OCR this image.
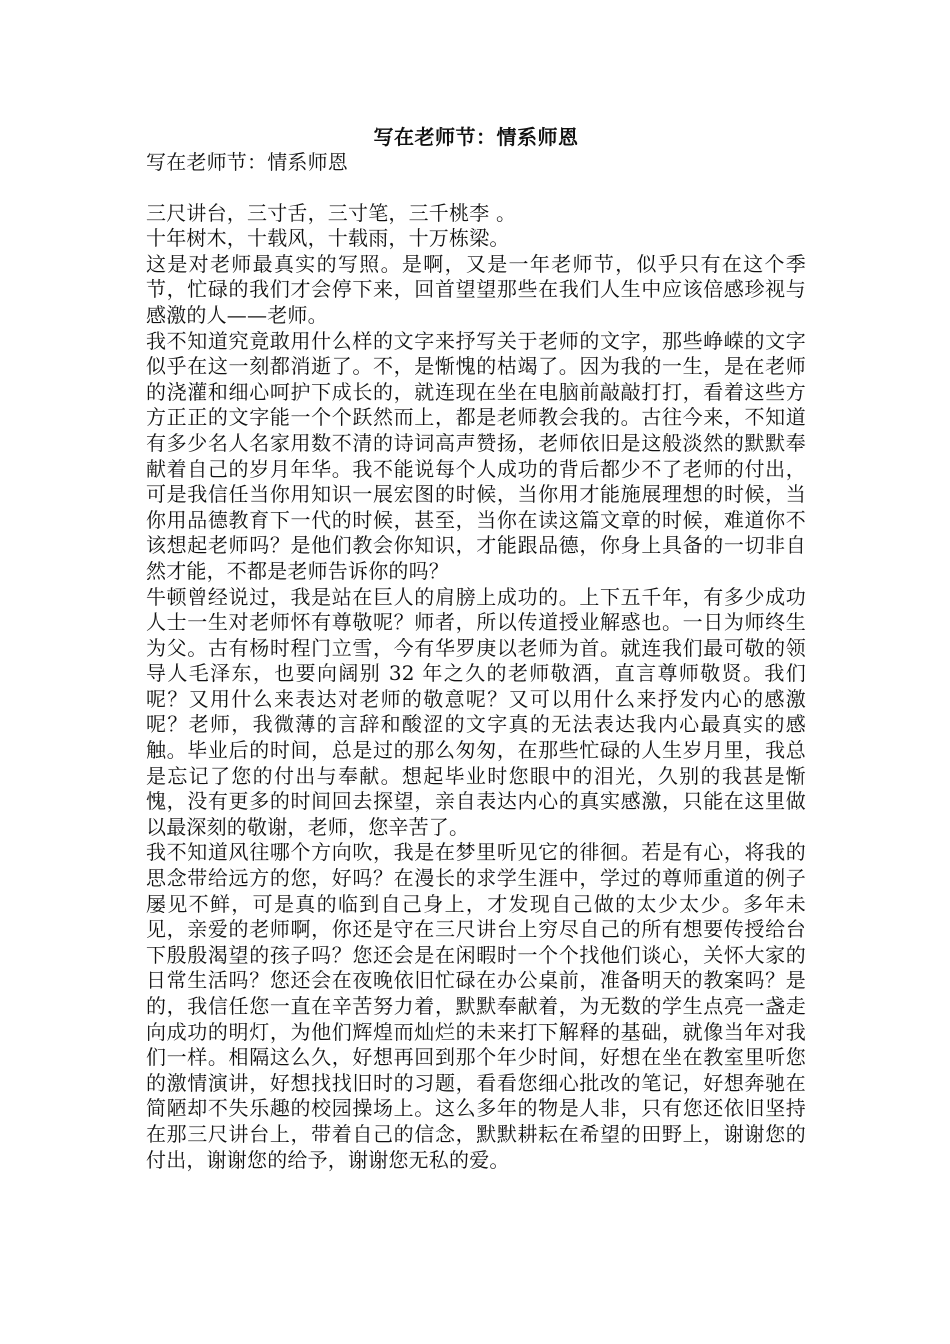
写在老师节：情系师恩

写在老师节：情系师恩

三尺讲台，三寸舌，三寸笔，三千桃李 。

十年树木，十载风，十载雨，十万栋梁。

这是对老师最真实的写照。是啊，又是一年老师节，似乎只有在这个季节，忙碌的我们才会停下来，回首望望那些在我们人生中应该倍感珍视与感激的人——老师。

我不知道究竟敢用什么样的文字来抒写关于老师的文字，那些峥嵘的文字似乎在这一刻都消逝了。不，是惭愧的枯竭了。因为我的一生，是在老师的浇灌和细心呵护下成长的，就连现在坐在电脑前敲敲打打，看着这些方方正正的文字能一个个跃然而上，都是老师教会我的。古往今来，不知道有多少名人名家用数不清的诗词高声赞扬，老师依旧是这般淡然的默默奉献着自己的岁月年华。我不能说每个人成功的背后都少不了老师的付出，可是我信任当你用知识一展宏图的时候，当你用才能施展理想的时候，当你用品德教育下一代的时候，甚至，当你在读这篇文章的时候，难道你不该想起老师吗？是他们教会你知识，才能跟品德，你身上具备的一切非自然才能，不都是老师告诉你的吗？

牛顿曾经说过，我是站在巨人的肩膀上成功的。上下五千年，有多少成功人士一生对老师怀有尊敬呢？师者，所以传道授业解惑也。一日为师终生为父。古有杨时程门立雪，今有华罗庚以老师为首。就连我们最可敬的领导人毛泽东，也要向阔别 32 年之久的老师敬酒，直言尊师敬贤。我们呢？又用什么来表达对老师的敬意呢？又可以用什么来抒发内心的感激呢？老师，我微薄的言辞和酸涩的文字真的无法表达我内心最真实的感触。毕业后的时间，总是过的那么匆匆，在那些忙碌的人生岁月里，我总是忘记了您的付出与奉献。想起毕业时您眼中的泪光，久别的我甚是惭愧，没有更多的时间回去探望，亲自表达内心的真实感激，只能在这里做以最深刻的敬谢，老师，您辛苦了。

我不知道风往哪个方向吹，我是在梦里听见它的徘徊。若是有心，将我的思念带给远方的您，好吗？在漫长的求学生涯中，学过的尊师重道的例子屡见不鲜，可是真的临到自己身上，才发现自己做的太少太少。多年未见，亲爱的老师啊，你还是守在三尺讲台上穷尽自己的所有想要传授给台下殷殷渴望的孩子吗？您还会是在闲暇时一个个找他们谈心，关怀大家的日常生活吗？您还会在夜晚依旧忙碌在办公桌前，准备明天的教案吗？是的，我信任您一直在辛苦努力着，默默奉献着，为无数的学生点亮一盏走向成功的明灯，为他们辉煌而灿烂的未来打下解释的基础，就像当年对我们一样。相隔这么久，好想再回到那个年少时间，好想在坐在教室里听您的激情演讲，好想找找旧时的习题，看看您细心批改的笔记，好想奔驰在简陋却不失乐趣的校园操场上。这么多年的物是人非，只有您还依旧坚持在那三尺讲台上，带着自己的信念，默默耕耘在希望的田野上，谢谢您的付出，谢谢您的给予，谢谢您无私的爱。
